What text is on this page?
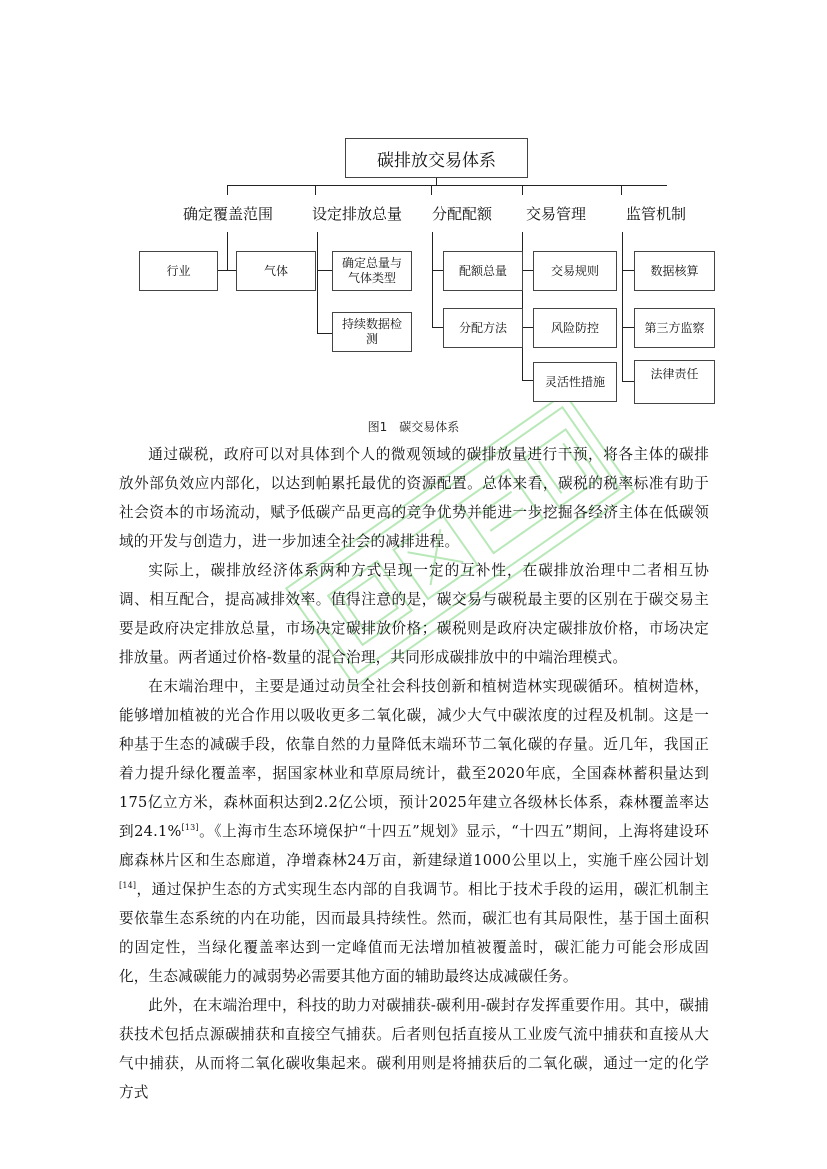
碳排放交易体系
确定覆盖范围	设定排放总量 分配配额 交易管理	监管机制
行业	气体
确定总量与气体类型
持续数据检测
配额总量
分配方法
交易规则
风险防控
灵活性措施
数据核算
第三方监察
法律责任
图1　碳交易体系

通过碳税，政府可以对具体到个人的微观领域的碳排放量进行干预，将各主体的碳排放外部负效应内部化，以达到帕累托最优的资源配置。总体来看，碳税的税率标准有助于社会资本的市场流动，赋予低碳产品更高的竞争优势并能进一步挖掘各经济主体在低碳领域的开发与创造力，进一步加速全社会的减排进程。

实际上，碳排放经济体系两种方式呈现一定的互补性，在碳排放治理中二者相互协调、相互配合，提高减排效率。值得注意的是，碳交易与碳税最主要的区别在于碳交易主要是政府决定排放总量，市场决定碳排放价格；碳税则是政府决定碳排放价格，市场决定排放量。两者通过价格-数量的混合治理，共同形成碳排放中的中端治理模式。

在末端治理中，主要是通过动员全社会科技创新和植树造林实现碳循环。植树造林，能够增加植被的光合作用以吸收更多二氧化碳，减少大气中碳浓度的过程及机制。这是一种基于生态的减碳手段，依靠自然的力量降低末端环节二氧化碳的存量。近几年，我国正着力提升绿化覆盖率，据国家林业和草原局统计，截至2020年底，全国森林蓄积量达到175亿立方米，森林面积达到2.2亿公顷，预计2025年建立各级林长体系，森林覆盖率达到24.1%[13]。《上海市生态环境保护“十四五”规划》显示，“十四五”期间，上海将建设环廊森林片区和生态廊道，净增森林24万亩，新建绿道1000公里以上，实施千座公园计划[14]，通过保护生态的方式实现生态内部的自我调节。相比于技术手段的运用，碳汇机制主要依靠生态系统的内在功能，因而最具持续性。然而，碳汇也有其局限性，基于国土面积的固定性，当绿化覆盖率达到一定峰值而无法增加植被覆盖时，碳汇能力可能会形成固化，生态减碳能力的减弱势必需要其他方面的辅助最终达成减碳任务。

此外，在末端治理中，科技的助力对碳捕获-碳利用-碳封存发挥重要作用。其中，碳捕获技术包括点源碳捕获和直接空气捕获。后者则包括直接从工业废气流中捕获和直接从大气中捕获，从而将二氧化碳收集起来。碳利用则是将捕获后的二氧化碳，通过一定的化学方式
